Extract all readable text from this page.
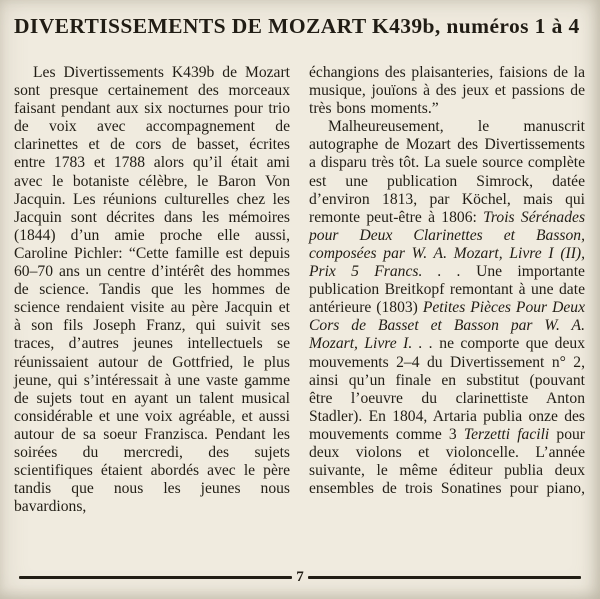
DIVERTISSEMENTS DE MOZART K439b, numéros 1 à 4

Les Divertissements K439b de Mozart sont presque certainement des morceaux faisant pendant aux six nocturnes pour trio de voix avec accompagnement de clarinettes et de cors de basset, écrites entre 1783 et 1788 alors qu’il était ami avec le botaniste célèbre, le Baron Von Jacquin. Les réunions culturelles chez les Jacquin sont décrites dans les mémoires (1844) d’un amie proche elle aussi, Caroline Pichler: “Cette famille est depuis 60–70 ans un centre d’intérêt des hommes de science. Tandis que les hommes de science rendaient visite au père Jacquin et à son fils Joseph Franz, qui suivit ses traces, d’autres jeunes intellectuels se réunissaient autour de Gottfried, le plus jeune, qui s’intéressait à une vaste gamme de sujets tout en ayant un talent musical considérable et une voix agréable, et aussi autour de sa soeur Franzisca. Pendant les soirées du mercredi, des sujets scientifiques étaient abordés avec le père tandis que nous les jeunes nous bavardions,

échangions des plaisanteries, faisions de la musique, jouïons à des jeux et passions de très bons moments.”

Malheureusement, le manuscrit autographe de Mozart des Divertissements a disparu très tôt. La suele source complète est une publication Simrock, datée d’environ 1813, par Köchel, mais qui remonte peut-être à 1806: Trois Sérénades pour Deux Clarinettes et Basson, composées par W. A. Mozart, Livre I (II), Prix 5 Francs. . . Une importante publication Breitkopf remontant à une date antérieure (1803) Petites Pièces Pour Deux Cors de Basset et Basson par W. A. Mozart, Livre I. . . ne comporte que deux mouvements 2–4 du Divertissement n° 2, ainsi qu’un finale en substitut (pouvant être l’oeuvre du clarinettiste Anton Stadler). En 1804, Artaria publia onze des mouvements comme 3 Terzetti facili pour deux violons et violoncelle. L’année suivante, le même éditeur publia deux ensembles de trois Sonatines pour piano,

7
